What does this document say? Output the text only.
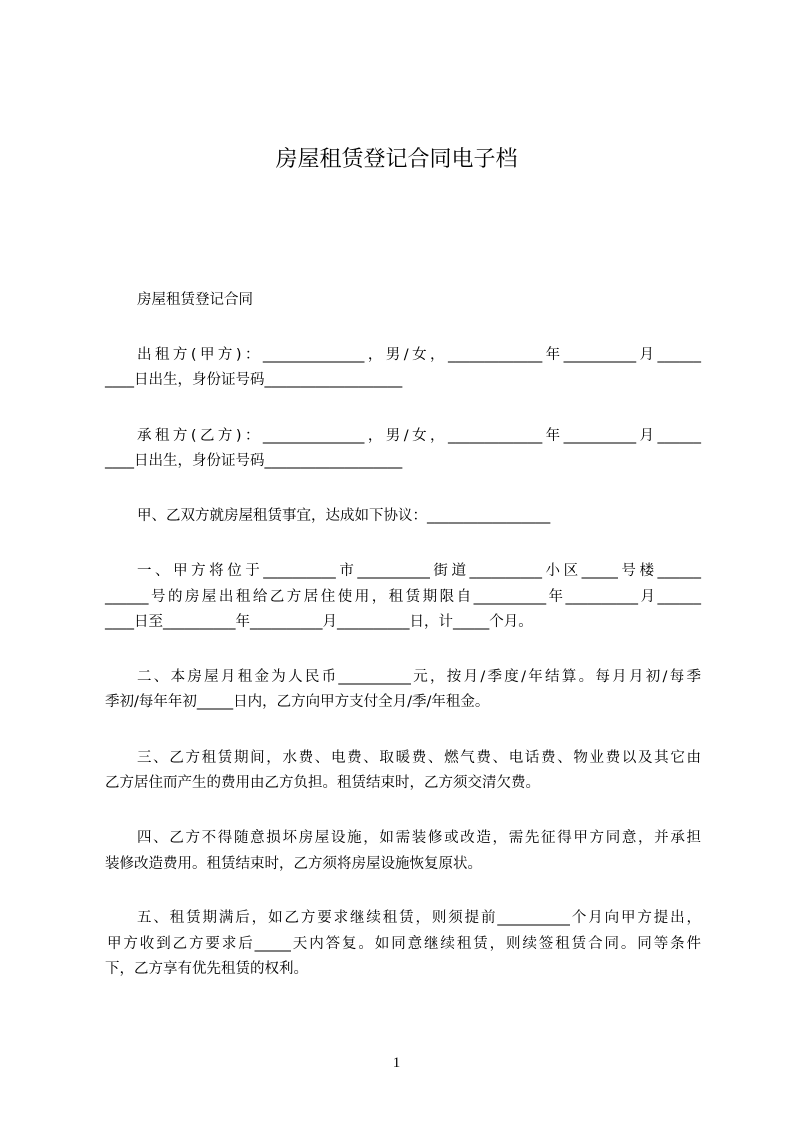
房屋租赁登记合同电子档
房屋租赁登记合同
出租方(甲方)：______________，男/女，_____________年__________月______
____日出生，身份证号码___________________
承租方(乙方)：______________，男/女，_____________年__________月______
____日出生，身份证号码___________________
甲、乙双方就房屋租赁事宜，达成如下协议：_________________
一、甲方将位于__________市__________街道__________小区_____号楼______
______号的房屋出租给乙方居住使用，租赁期限自__________年__________月______
____日至__________年__________月__________日，计_____个月。
二、本房屋月租金为人民币__________元，按月/季度/年结算。每月月初/每季
季初/每年年初_____日内，乙方向甲方支付全月/季/年租金。
三、乙方租赁期间，水费、电费、取暖费、燃气费、电话费、物业费以及其它由
乙方居住而产生的费用由乙方负担。租赁结束时，乙方须交清欠费。
四、乙方不得随意损坏房屋设施，如需装修或改造，需先征得甲方同意，并承担
装修改造费用。租赁结束时，乙方须将房屋设施恢复原状。
五、租赁期满后，如乙方要求继续租赁，则须提前__________个月向甲方提出，
甲方收到乙方要求后_____天内答复。如同意继续租赁，则续签租赁合同。同等条件
下，乙方享有优先租赁的权利。
1
